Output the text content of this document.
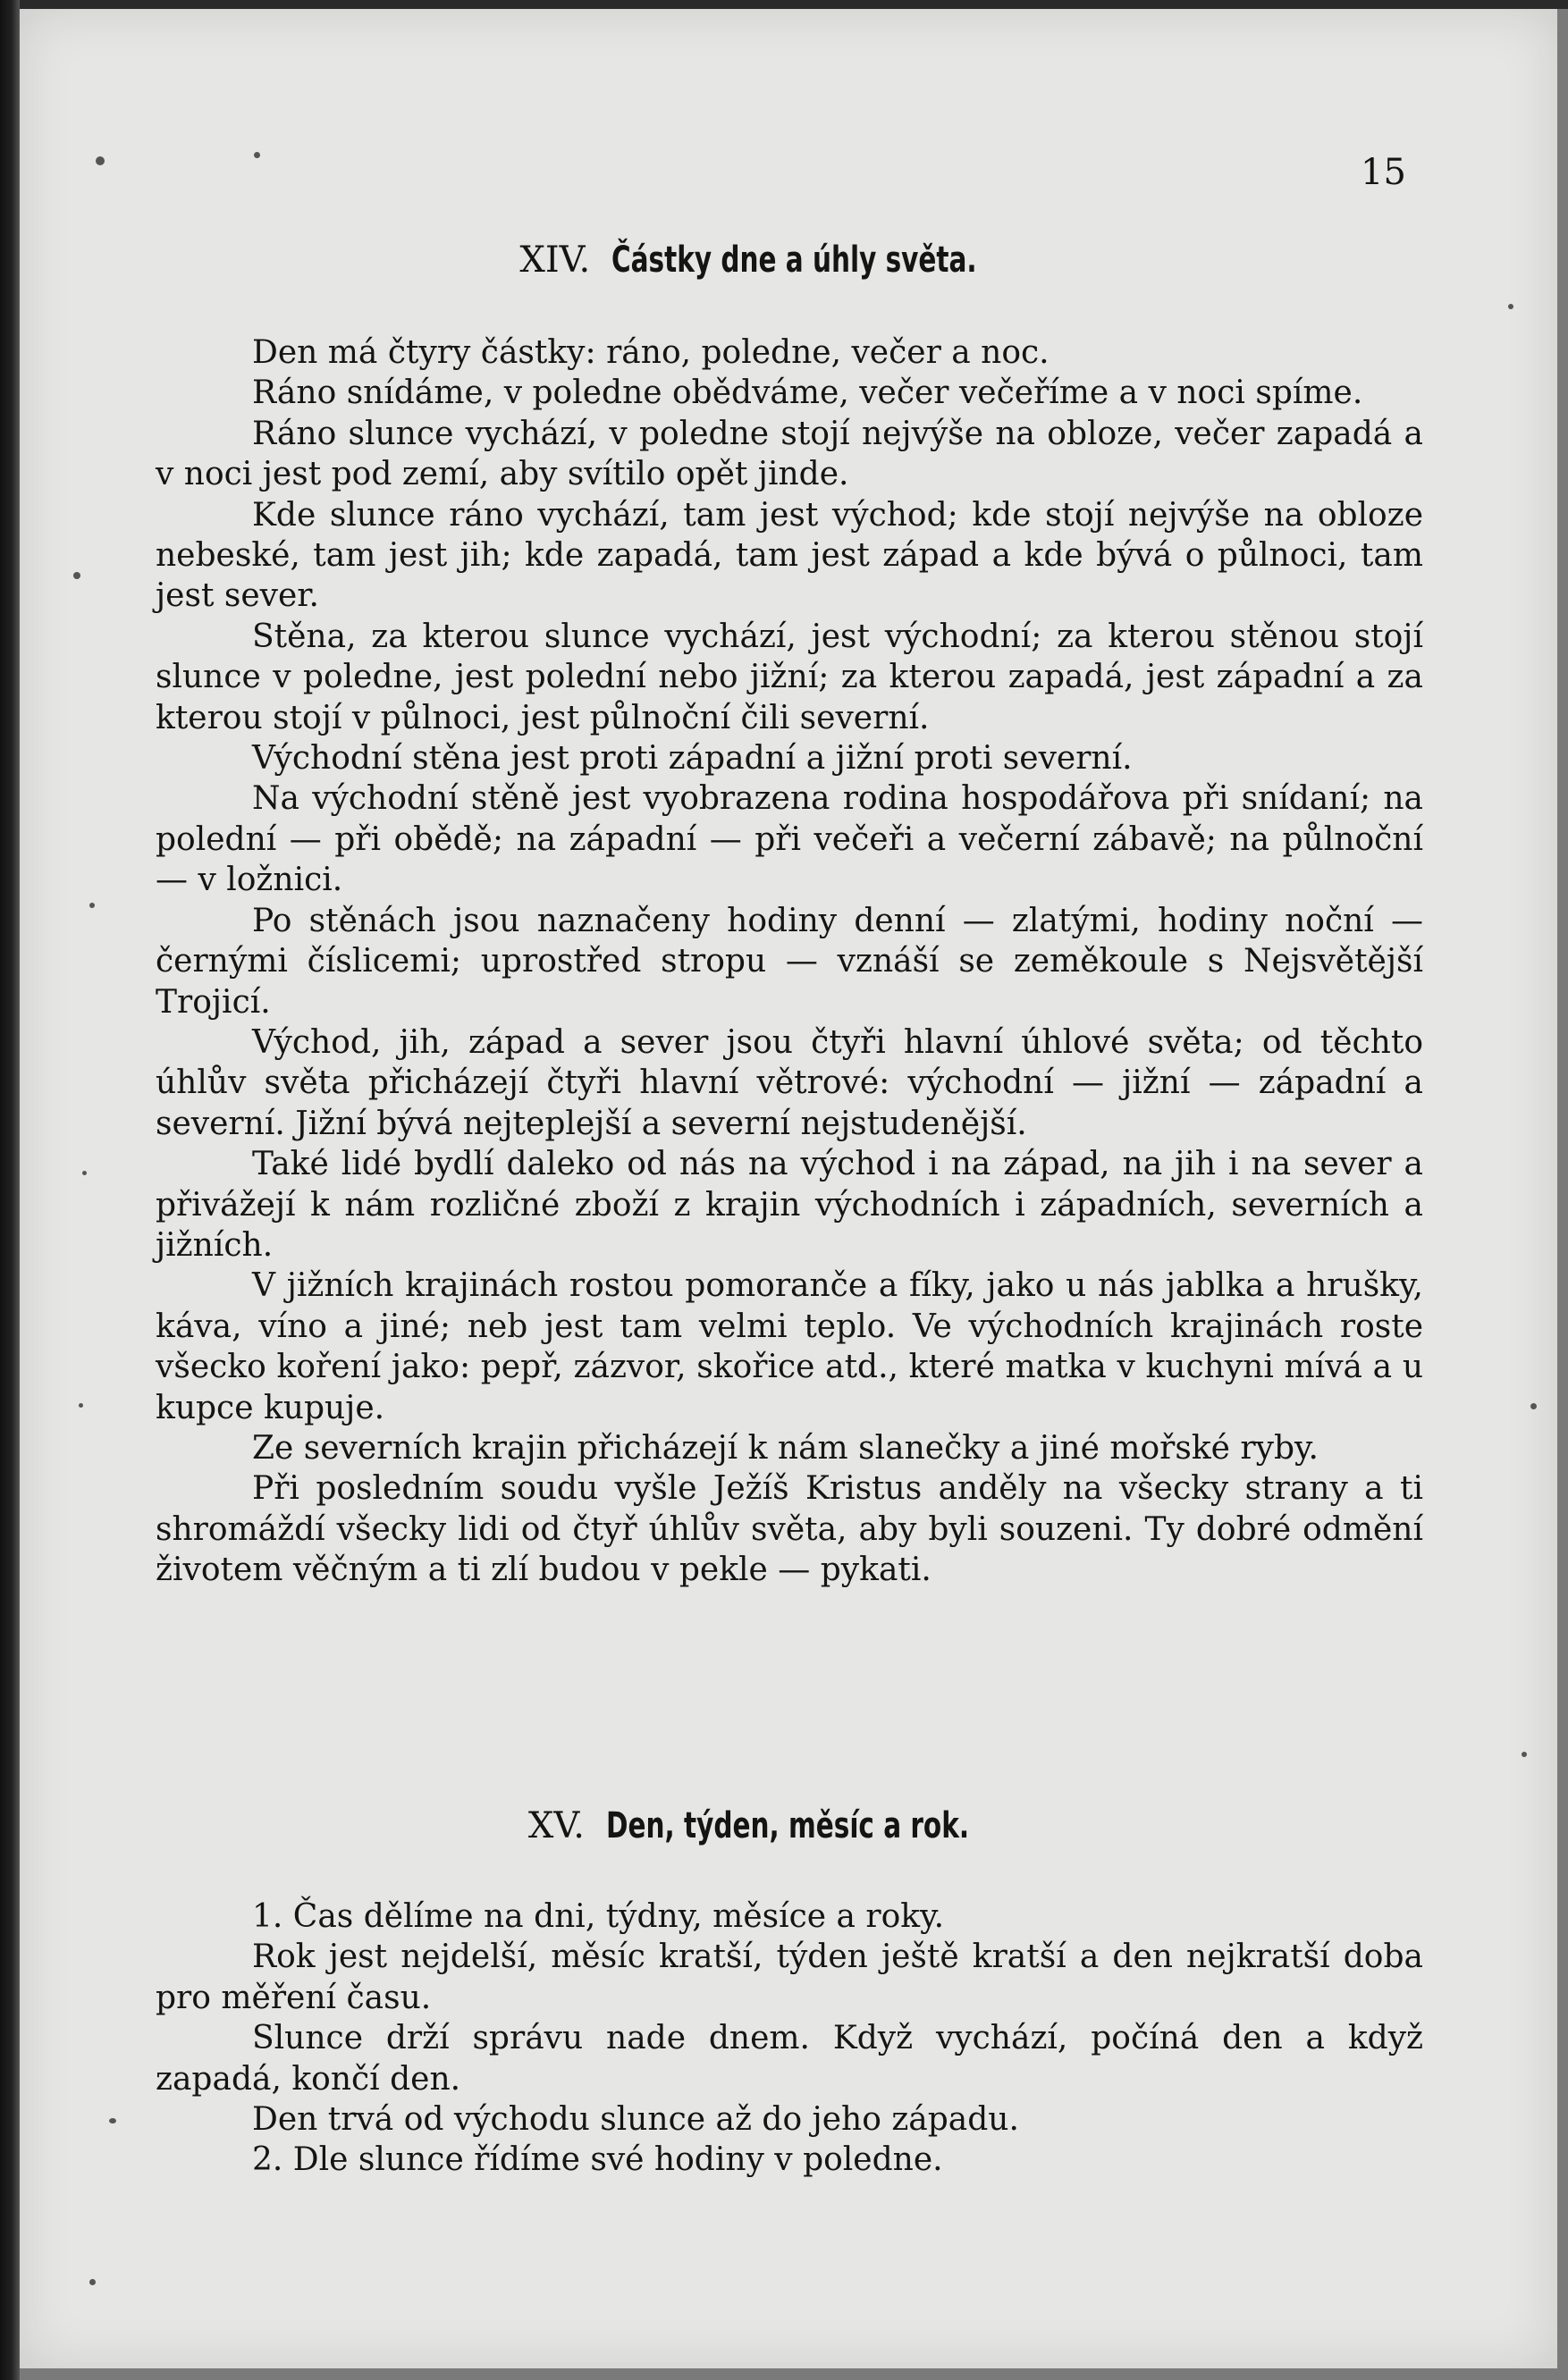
15
XIV. Částky dne a úhly světa.

Den má čtyry částky: ráno, poledne, večer a noc.

Ráno snídáme, v poledne obědváme, večer večeříme a v noci spíme.

Ráno slunce vychází, v poledne stojí nejvýše na obloze, večer zapadá a v noci jest pod zemí, aby svítilo opět jinde.

Kde slunce ráno vychází, tam jest východ; kde stojí nejvýše na obloze nebeské, tam jest jih; kde zapadá, tam jest západ a kde bývá o půlnoci, tam jest sever.

Stěna, za kterou slunce vychází, jest východní; za kterou stěnou stojí slunce v poledne, jest polední nebo jižní; za kterou zapadá, jest západní a za kterou stojí v půlnoci, jest půlnoční čili severní.

Východní stěna jest proti západní a jižní proti severní.

Na východní stěně jest vyobrazena rodina hospodářova při snídaní; na polední — při obědě; na západní — při večeři a večerní zábavě; na půlnoční — v ložnici.

Po stěnách jsou naznačeny hodiny denní — zlatými, hodiny noční — černými číslicemi; uprostřed stropu — vznáší se zeměkoule s Nejsvětější Trojicí.

Východ, jih, západ a sever jsou čtyři hlavní úhlové světa; od těchto úhlův světa přicházejí čtyři hlavní větrové: východní — jižní — západní a severní. Jižní bývá nejteplejší a severní nejstudenější.

Také lidé bydlí daleko od nás na východ i na západ, na jih i na sever a přivážejí k nám rozličné zboží z krajin východních i západních, severních a jižních.

V jižních krajinách rostou pomoranče a fíky, jako u nás jablka a hrušky, káva, víno a jiné; neb jest tam velmi teplo. Ve východních krajinách roste všecko koření jako: pepř, zázvor, skořice atd., které matka v kuchyni mívá a u kupce kupuje.

Ze severních krajin přicházejí k nám slanečky a jiné mořské ryby.

Při posledním soudu vyšle Ježíš Kristus anděly na všecky strany a ti shromáždí všecky lidi od čtyř úhlův světa, aby byli souzeni. Ty dobré odmění životem věčným a ti zlí budou v pekle — pykati.

XV. Den, týden, měsíc a rok.

1. Čas dělíme na dni, týdny, měsíce a roky.

Rok jest nejdelší, měsíc kratší, týden ještě kratší a den nejkratší doba pro měření času.

Slunce drží správu nade dnem. Když vychází, počíná den a když zapadá, končí den.

Den trvá od východu slunce až do jeho západu.

2. Dle slunce řídíme své hodiny v poledne.
